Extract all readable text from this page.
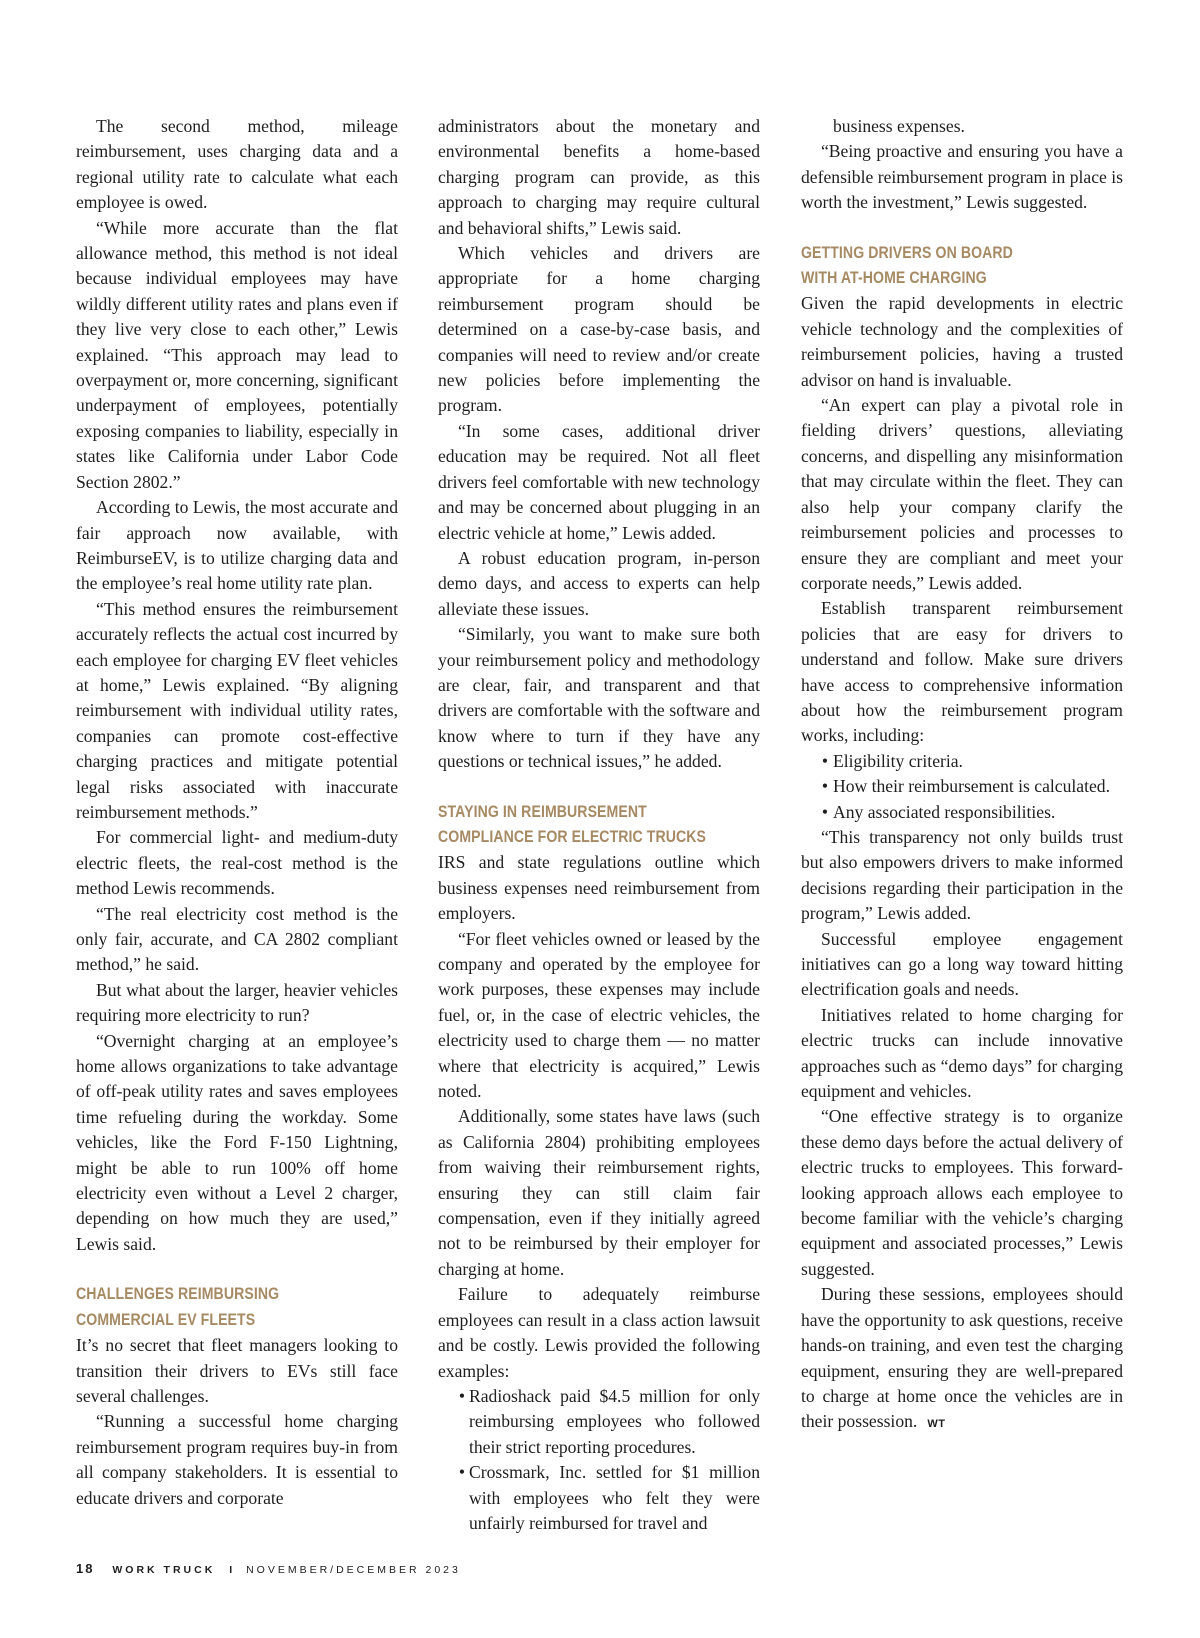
The second method, mileage reimbursement, uses charging data and a regional utility rate to calculate what each employee is owed.

“While more accurate than the flat allowance method, this method is not ideal because individual employees may have wildly different utility rates and plans even if they live very close to each other,” Lewis explained. “This approach may lead to overpayment or, more concerning, significant underpayment of employees, potentially exposing companies to liability, especially in states like California under Labor Code Section 2802.”

According to Lewis, the most accurate and fair approach now available, with ReimburseEV, is to utilize charging data and the employee’s real home utility rate plan.

“This method ensures the reimbursement accurately reflects the actual cost incurred by each employee for charging EV fleet vehicles at home,” Lewis explained. “By aligning reimbursement with individual utility rates, companies can promote cost-effective charging practices and mitigate potential legal risks associated with inaccurate reimbursement methods.”

For commercial light- and medium-duty electric fleets, the real-cost method is the method Lewis recommends.

“The real electricity cost method is the only fair, accurate, and CA 2802 compliant method,” he said.

But what about the larger, heavier vehicles requiring more electricity to run?

“Overnight charging at an employee’s home allows organizations to take advantage of off-peak utility rates and saves employees time refueling during the workday. Some vehicles, like the Ford F-150 Lightning, might be able to run 100% off home electricity even without a Level 2 charger, depending on how much they are used,” Lewis said.

CHALLENGES REIMBURSING
COMMERCIAL EV FLEETS

It’s no secret that fleet managers looking to transition their drivers to EVs still face several challenges.

“Running a successful home charging reimbursement program requires buy-in from all company stakeholders. It is essential to educate drivers and corporate

administrators about the monetary and environmental benefits a home-based charging program can provide, as this approach to charging may require cultural and behavioral shifts,” Lewis said.

Which vehicles and drivers are appropriate for a home charging reimbursement program should be determined on a case-by-case basis, and companies will need to review and/or create new policies before implementing the program.

“In some cases, additional driver education may be required. Not all fleet drivers feel comfortable with new technology and may be concerned about plugging in an electric vehicle at home,” Lewis added.

A robust education program, in-person demo days, and access to experts can help alleviate these issues.

“Similarly, you want to make sure both your reimbursement policy and methodology are clear, fair, and transparent and that drivers are comfortable with the software and know where to turn if they have any questions or technical issues,” he added.

STAYING IN REIMBURSEMENT
COMPLIANCE FOR ELECTRIC TRUCKS

IRS and state regulations outline which business expenses need reimbursement from employers.

“For fleet vehicles owned or leased by the company and operated by the employee for work purposes, these expenses may include fuel, or, in the case of electric vehicles, the electricity used to charge them — no matter where that electricity is acquired,” Lewis noted.

Additionally, some states have laws (such as California 2804) prohibiting employees from waiving their reimbursement rights, ensuring they can still claim fair compensation, even if they initially agreed not to be reimbursed by their employer for charging at home.

Failure to adequately reimburse employees can result in a class action lawsuit and be costly. Lewis provided the following examples:

• Radioshack paid $4.5 million for only reimbursing employees who followed their strict reporting procedures.
• Crossmark, Inc. settled for $1 million with employees who felt they were unfairly reimbursed for travel and

business expenses.

“Being proactive and ensuring you have a defensible reimbursement program in place is worth the investment,” Lewis suggested.

GETTING DRIVERS ON BOARD
WITH AT-HOME CHARGING

Given the rapid developments in electric vehicle technology and the complexities of reimbursement policies, having a trusted advisor on hand is invaluable.

“An expert can play a pivotal role in fielding drivers’ questions, alleviating concerns, and dispelling any misinformation that may circulate within the fleet. They can also help your company clarify the reimbursement policies and processes to ensure they are compliant and meet your corporate needs,” Lewis added.

Establish transparent reimbursement policies that are easy for drivers to understand and follow. Make sure drivers have access to comprehensive information about how the reimbursement program works, including:

• Eligibility criteria.
• How their reimbursement is calculated.
• Any associated responsibilities.

“This transparency not only builds trust but also empowers drivers to make informed decisions regarding their participation in the program,” Lewis added.

Successful employee engagement initiatives can go a long way toward hitting electrification goals and needs.

Initiatives related to home charging for electric trucks can include innovative approaches such as “demo days” for charging equipment and vehicles.

“One effective strategy is to organize these demo days before the actual delivery of electric trucks to employees. This forward-looking approach allows each employee to become familiar with the vehicle’s charging equipment and associated processes,” Lewis suggested.

During these sessions, employees should have the opportunity to ask questions, receive hands-on training, and even test the charging equipment, ensuring they are well-prepared to charge at home once the vehicles are in their possession. WT

18 WORK TRUCK I NOVEMBER/DECEMBER 2023
